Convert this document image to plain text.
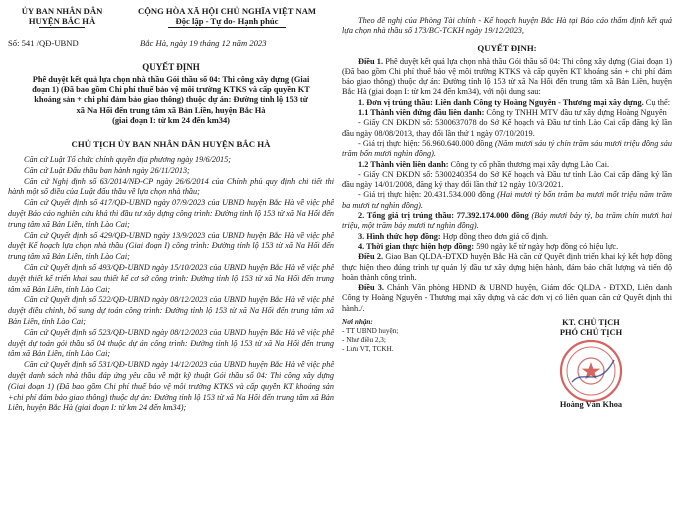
ỦY BAN NHÂN DÂN
HUYỆN BẮC HÀ
CỘNG HÒA XÃ HỘI CHỦ NGHĨA VIỆT NAM
Độc lập - Tự do- Hạnh phúc
Số: 541 /QĐ-UBND	Bắc Hà, ngày 19 tháng 12 năm 2023
QUYẾT ĐỊNH
Phê duyệt kết quả lựa chọn nhà thầu Gói thầu số 04: Thi công xây dựng (Giai
đoạn 1) (Đã bao gồm Chi phí thuế bảo vệ môi trường KTKS và cấp quyền KT
khoáng sản + chi phí đảm bảo giao thông) thuộc dự án: Đường tỉnh lộ 153 từ
xã Na Hối đến trung tâm xã Bản Liền, huyện Bắc Hà
(giai đoạn I: từ km 24 đến km34)
CHỦ TỊCH ỦY BAN NHÂN DÂN HUYỆN BẮC HÀ

Căn cứ Luật Tổ chức chính quyền địa phương ngày 19/6/2015;

Căn cứ Luật Đấu thầu ban hành ngày 26/11/2013;

Căn cứ Nghị định số 63/2014/NĐ-CP ngày 26/6/2014 của Chính phủ quy định chi tiết thi hành một số điều của Luật đấu thầu về lựa chọn nhà thầu;

Căn cứ Quyết định số 417/QĐ-UBND ngày 07/9/2023 của UBND huyện Bắc Hà về việc phê duyệt Báo cáo nghiên cứu khả thi đầu tư xây dựng công trình: Đường tỉnh lộ 153 từ xã Na Hối đến trung tâm xã Bản Liền, tỉnh Lào Cai;

Căn cứ Quyết định số 429/QĐ-UBND ngày 13/9/2023 của UBND huyện Bắc Hà về việc phê duyệt Kế hoạch lựa chọn nhà thầu (Giai đoạn I) công trình: Đường tỉnh lộ 153 từ xã Na Hối đến trung tâm xã Bản Liền, tỉnh Lào Cai;

Căn cứ Quyết định số 493/QĐ-UBND ngày 15/10/2023 của UBND huyện Bắc Hà về việc phê duyệt thiết kế triển khai sau thiết kế cơ sở công trình: Đường tỉnh lộ 153 từ xã Na Hối đến trung tâm xã Bản Liền, tỉnh Lào Cai;

Căn cứ Quyết định số 522/QĐ-UBND ngày 08/12/2023 của UBND huyện Bắc Hà về việc phê duyệt điều chỉnh, bổ sung dự toán công trình: Đường tỉnh lộ 153 từ xã Na Hối đến trung tâm xã Bản Liền, tỉnh Lào Cai;

Căn cứ Quyết định số 523/QĐ-UBND ngày 08/12/2023 của UBND huyện Bắc Hà về việc phê duyệt dự toán gói thầu số 04 thuộc dự án công trình: Đường tỉnh lộ 153 từ xã Na Hối đến trung tâm xã Bản Liền, tỉnh Lào Cai;

Căn cứ Quyết định số 531/QĐ-UBND ngày 14/12/2023 của UBND huyện Bắc Hà về việc phê duyệt danh sách nhà thầu đáp ứng yêu cầu về mặt kỹ thuật Gói thầu số 04: Thi công xây dựng (Giai đoạn 1) (Đã bao gồm Chi phí thuế bảo vệ môi trường KTKS và cấp quyền KT khoáng sản +chi phí đảm bảo giao thông) thuộc dự án: Đường tỉnh lộ 153 từ xã Na Hối đến trung tâm xã Bản Liền, huyện Bắc Hà (giai đoạn I: từ km 24 đến km34);

Theo đề nghị của Phòng Tài chính - Kế hoạch huyện Bắc Hà tại Báo cáo thẩm định kết quả lựa chọn nhà thầu số 173/BC-TCKH ngày 19/12/2023,

QUYẾT ĐỊNH:

Điều 1. Phê duyệt kết quả lựa chọn nhà thầu Gói thầu số 04: Thi công xây dựng (Giai đoạn 1) (Đã bao gồm Chi phí thuế bảo vệ môi trường KTKS và cấp quyền KT khoáng sản + chi phí đảm bảo giao thông) thuộc dự án: Đường tỉnh lộ 153 từ xã Na Hối đến trung tâm xã Bản Liền, huyện Bắc Hà (giai đoạn I: từ km 24 đến km34), với nội dung sau:

1. Đơn vị trúng thầu: Liên danh Công ty Hoàng Nguyên - Thương mại xây dựng. Cụ thể:

1.1 Thành viên đứng đầu liên danh: Công ty TNHH MTV đầu tư xây dựng Hoàng Nguyên

- Giấy CN ĐKDN số: 5300637078 do Sở Kế hoạch và Đầu tư tỉnh Lào Cai cấp đăng ký lần đầu ngày 08/08/2013, thay đổi lần thứ 1 ngày 07/10/2019.

- Giá trị thực hiện: 56.960.640.000 đồng (Năm mươi sáu tỷ chín trăm sáu mươi triệu đồng sáu trăm bốn mươi nghìn đồng).

1.2 Thành viên liên danh: Công ty cổ phần thương mại xây dựng Lào Cai.

- Giấy CN ĐKDN số: 5300240354 do Sở Kế hoạch và Đầu tư tỉnh Lào Cai cấp đăng ký lần đầu ngày 14/01/2008, đăng ký thay đổi lần thứ 12 ngày 10/3/2021.

- Giá trị thực hiện: 20.431.534.000 đồng (Hai mươi tỷ bốn trăm ba mươi mốt triệu năm trăm ba mươi tư nghìn đồng).

2. Tổng giá trị trúng thầu: 77.392.174.000 đồng (Bảy mươi bảy tỷ, ba trăm chín mươi hai triệu, một trăm bảy mươi tư nghìn đồng).

3. Hình thức hợp đồng: Hợp đồng theo đơn giá cố định.

4. Thời gian thực hiện hợp đồng: 590 ngày kể từ ngày hợp đồng có hiệu lực.

Điều 2. Giao Ban QLDA-ĐTXD huyện Bắc Hà căn cứ Quyết định triển khai ký kết hợp đồng thực hiện theo đúng trình tự quản lý đầu tư xây dựng hiện hành, đảm bảo chất lượng và tiến độ hoàn thành công trình.

Điều 3. Chánh Văn phòng HĐND & UBND huyện, Giám đốc QLDA - ĐTXD, Liên danh Công ty Hoàng Nguyên - Thương mại xây dựng và các đơn vị có liên quan căn cứ Quyết định thi hành./.

Nơi nhận:
- TT UBND huyện;
- Như điều 2,3;
- Lưu VT, TCKH.
KT. CHỦ TỊCH
PHÓ CHỦ TỊCH
Hoàng Văn Khoa
